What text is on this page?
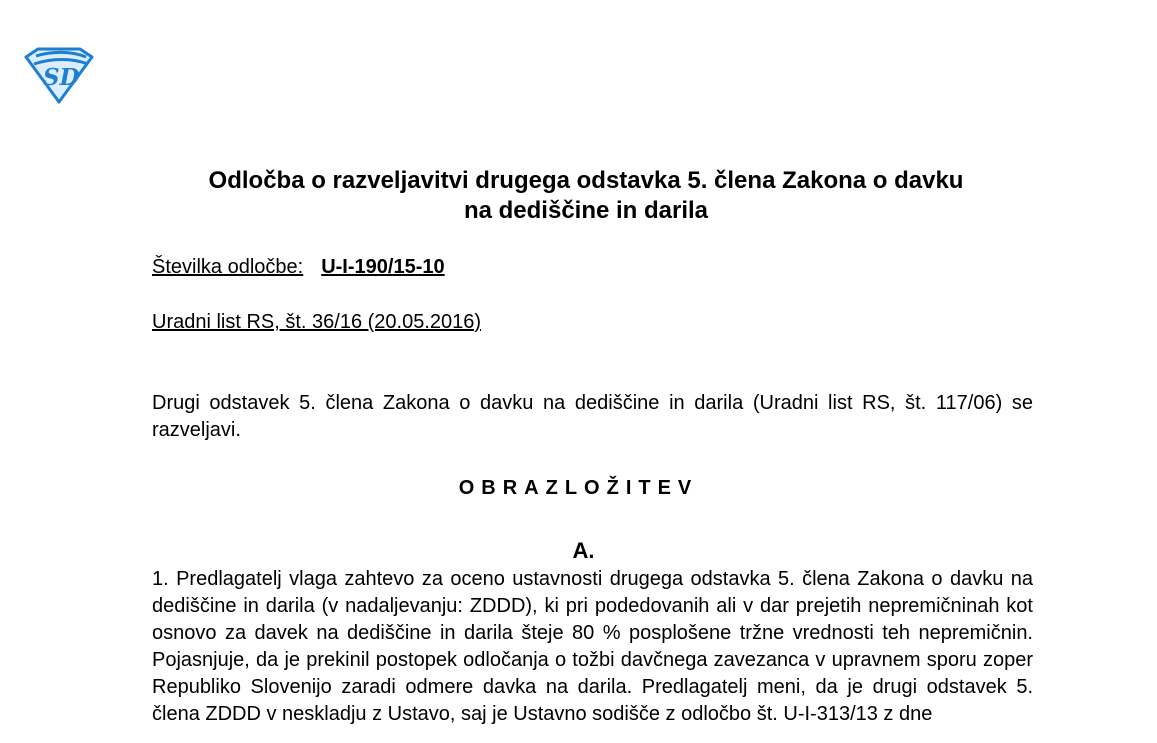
SD
Odločba o razveljavitvi drugega odstavka 5. člena Zakona o davku
na dediščine in darila
Številka odločbe: U-I-190/15-10
Uradni list RS, št. 36/16 (20.05.2016)

Drugi odstavek 5. člena Zakona o davku na dediščine in darila (Uradni list RS, št. 117/06) se razveljavi.

OBRAZLOŽITEV
A.

1. Predlagatelj vlaga zahtevo za oceno ustavnosti drugega odstavka 5. člena Zakona o davku na dediščine in darila (v nadaljevanju: ZDDD), ki pri podedovanih ali v dar prejetih nepremičninah kot osnovo za davek na dediščine in darila šteje 80 % posplošene tržne vrednosti teh nepremičnin. Pojasnjuje, da je prekinil postopek odločanja o tožbi davčnega zavezanca v upravnem sporu zoper Republiko Slovenijo zaradi odmere davka na darila. Predlagatelj meni, da je drugi odstavek 5. člena ZDDD v neskladju z Ustavo, saj je Ustavno sodišče z odločbo št. U-I-313/13 z dne
